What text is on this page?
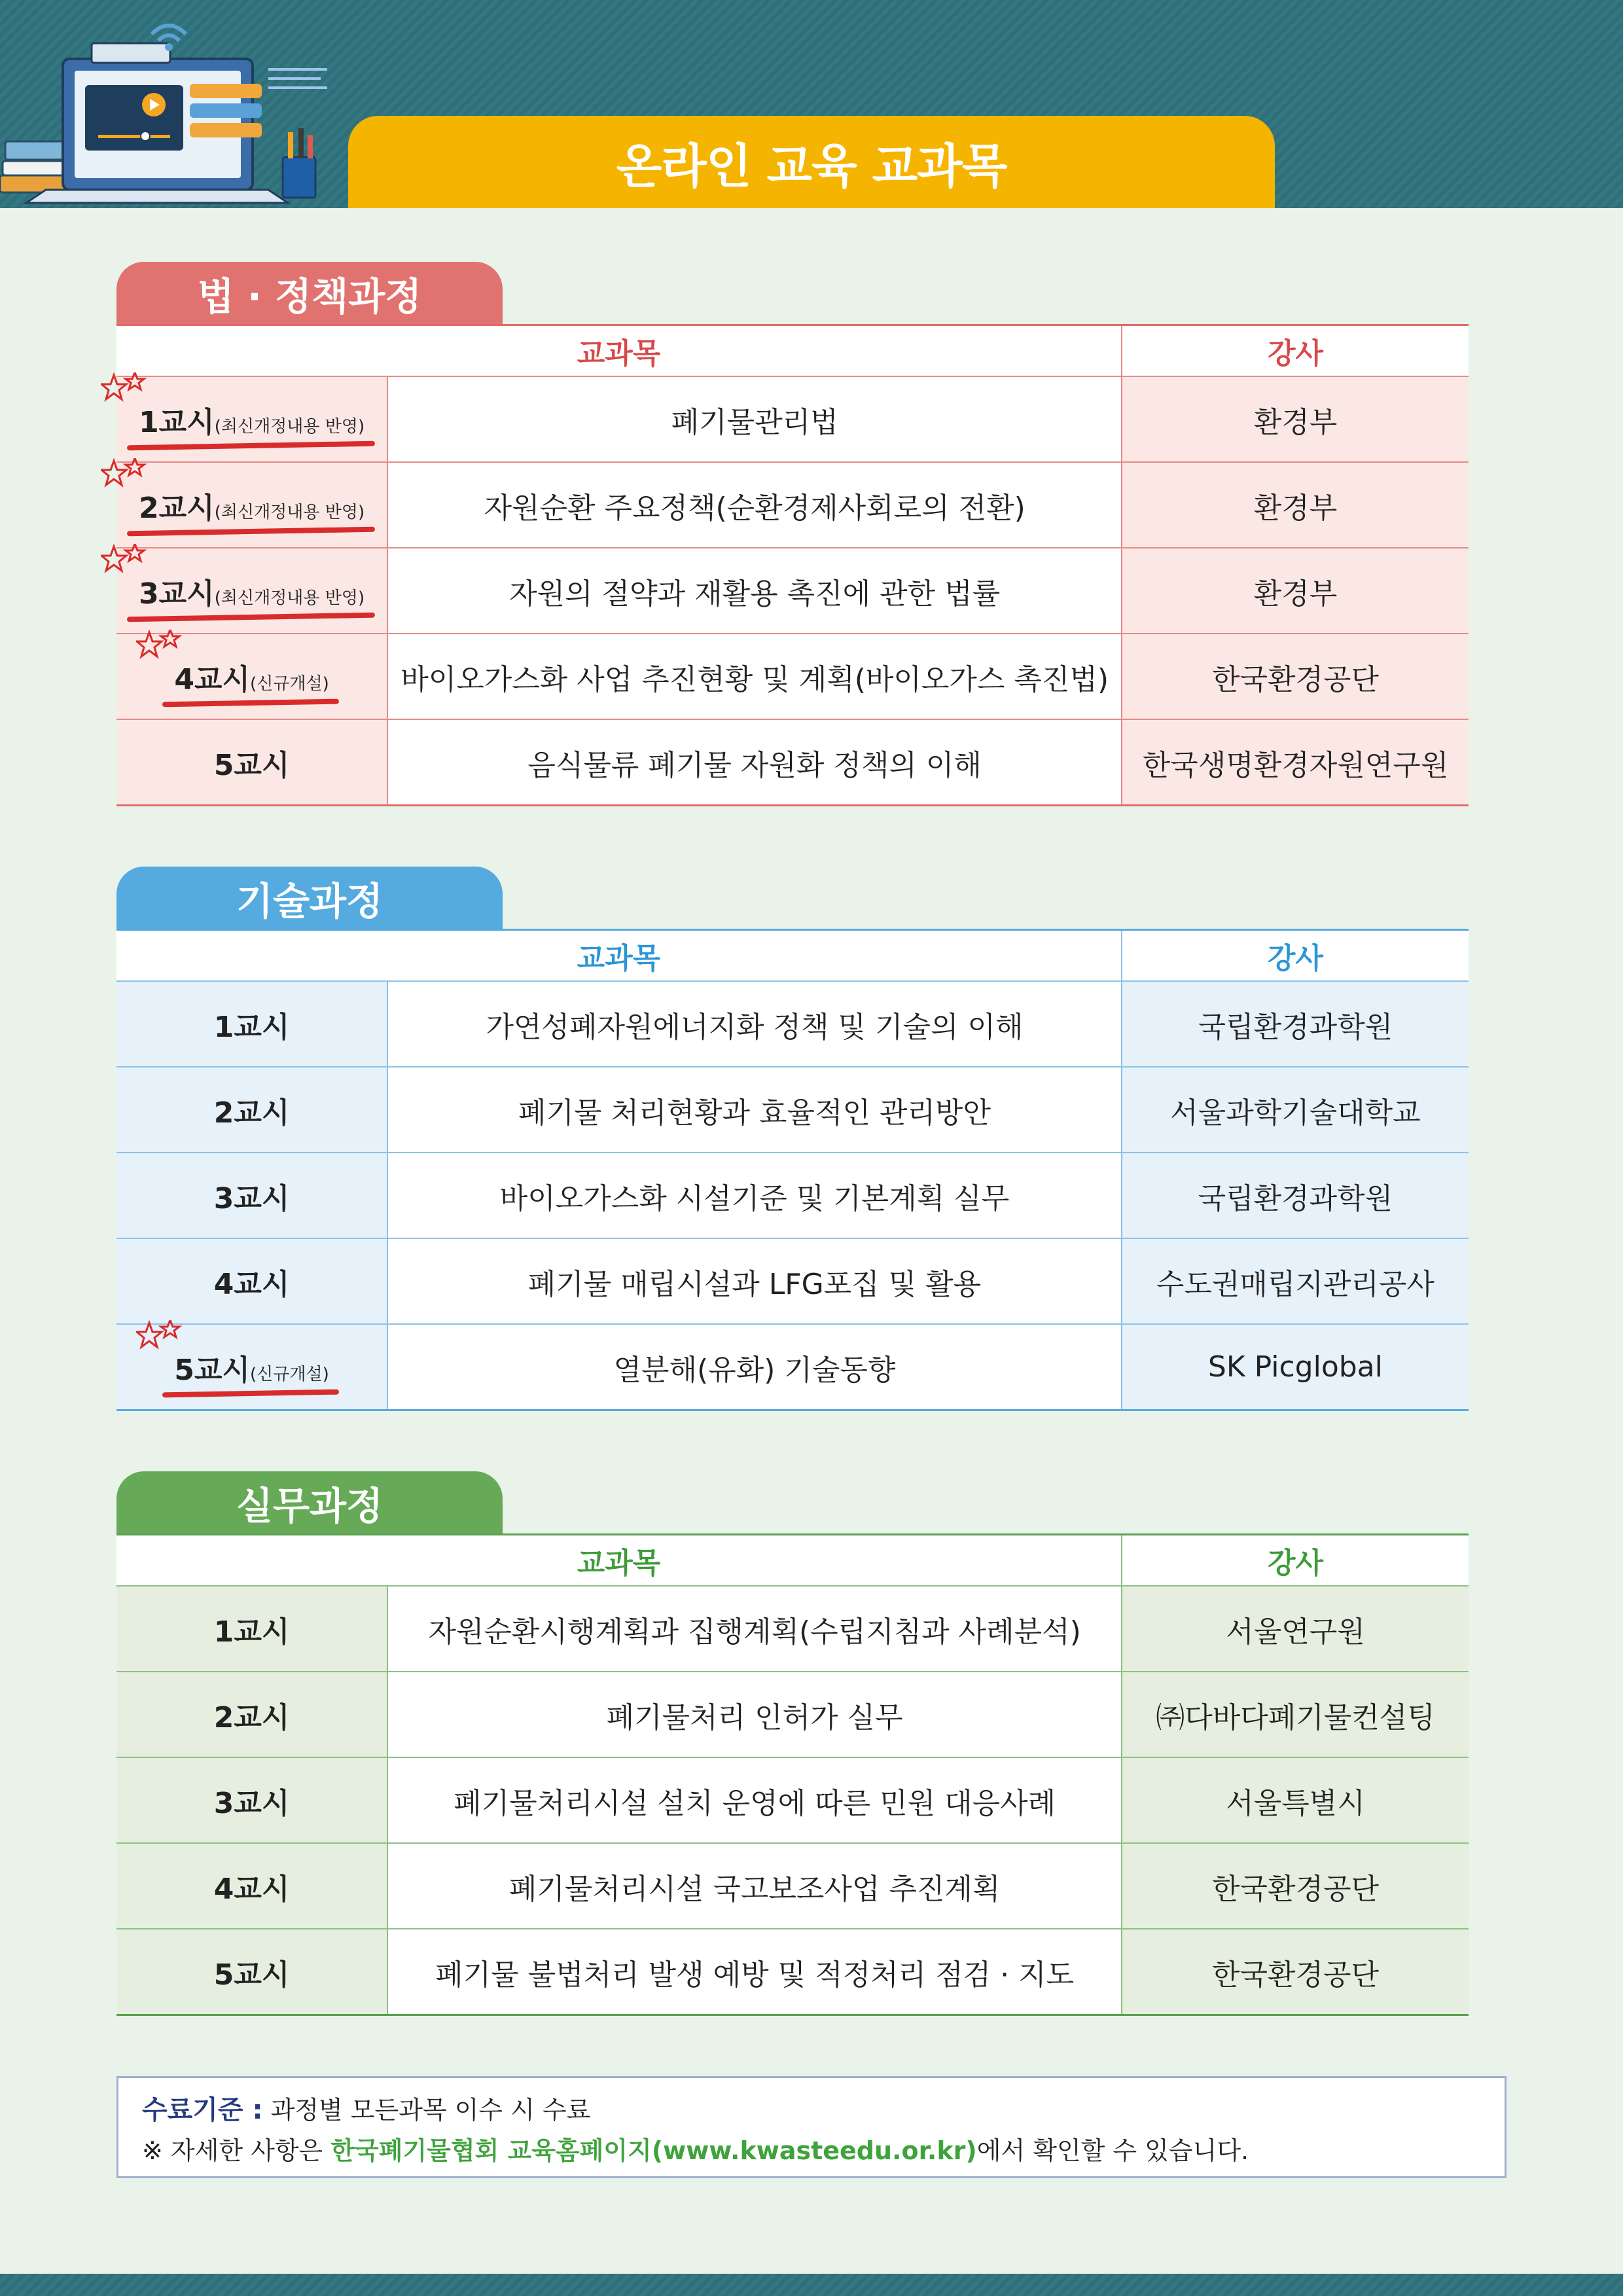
온라인 교육 교과목
법 · 정책과정
교과목		강사

1교시(최신개정내용 반영)	폐기물관리법	환경부

2교시(최신개정내용 반영)	자원순환 주요정책(순환경제사회로의 전환)	환경부

3교시(최신개정내용 반영)	자원의 절약과 재활용 촉진에 관한 법률	환경부

4교시(신규개설)	바이오가스화 사업 추진현황 및 계획(바이오가스 촉진법)	한국환경공단
5교시	음식물류 폐기물 자원화 정책의 이해	한국생명환경자원연구원
기술과정
교과목		강사
1교시	가연성폐자원에너지화 정책 및 기술의 이해	국립환경과학원
2교시	폐기물 처리현황과 효율적인 관리방안	서울과학기술대학교
3교시	바이오가스화 시설기준 및 기본계획 실무	국립환경과학원
4교시	폐기물 매립시설과 LFG포집 및 활용	수도권매립지관리공사

5교시(신규개설)	열분해(유화) 기술동향	SK Picglobal
실무과정
교과목		강사
1교시	자원순환시행계획과 집행계획(수립지침과 사례분석)	서울연구원
2교시	폐기물처리 인허가 실무	㈜다바다폐기물컨설팅
3교시	폐기물처리시설 설치 운영에 따른 민원 대응사례	서울특별시
4교시	폐기물처리시설 국고보조사업 추진계획	한국환경공단
5교시	폐기물 불법처리 발생 예방 및 적정처리 점검 · 지도	한국환경공단
수료기준 : 과정별 모든과목 이수 시 수료
※ 자세한 사항은 한국폐기물협회 교육홈페이지(www.kwasteedu.or.kr)에서 확인할 수 있습니다.
